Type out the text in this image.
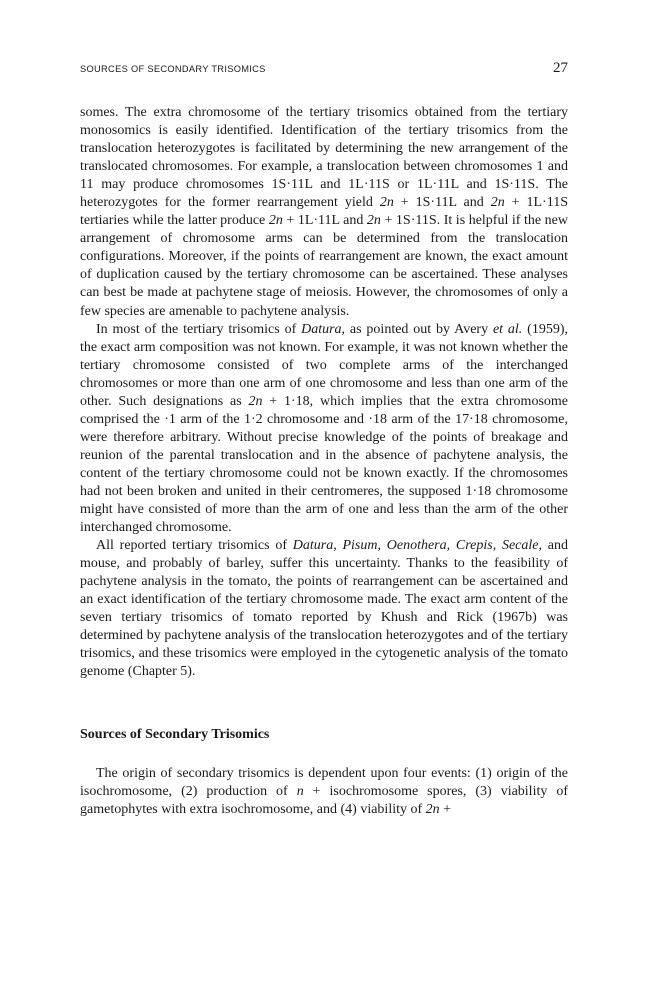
SOURCES OF SECONDARY TRISOMICS	27

somes. The extra chromosome of the tertiary trisomics obtained from the tertiary monosomics is easily identified. Identification of the tertiary trisomics from the translocation heterozygotes is facilitated by determining the new arrangement of the translocated chromosomes. For example, a translocation between chromosomes 1 and 11 may produce chromosomes 1S·11L and 1L·11S or 1L·11L and 1S·11S. The heterozygotes for the former rearrangement yield 2n + 1S·11L and 2n + 1L·11S tertiaries while the latter produce 2n + 1L·11L and 2n + 1S·11S. It is helpful if the new arrangement of chromosome arms can be determined from the translocation configurations. Moreover, if the points of rearrangement are known, the exact amount of duplication caused by the tertiary chromosome can be ascertained. These analyses can best be made at pachytene stage of meiosis. However, the chromosomes of only a few species are amenable to pachytene analysis.

In most of the tertiary trisomics of Datura, as pointed out by Avery et al. (1959), the exact arm composition was not known. For example, it was not known whether the tertiary chromosome consisted of two complete arms of the interchanged chromosomes or more than one arm of one chromosome and less than one arm of the other. Such designations as 2n + 1·18, which implies that the extra chromosome comprised the ·1 arm of the 1·2 chromosome and ·18 arm of the 17·18 chromosome, were therefore arbitrary. Without precise knowledge of the points of breakage and reunion of the parental translocation and in the absence of pachytene analysis, the content of the tertiary chromosome could not be known exactly. If the chromosomes had not been broken and united in their centromeres, the supposed 1·18 chromosome might have consisted of more than the arm of one and less than the arm of the other interchanged chromosome.

All reported tertiary trisomics of Datura, Pisum, Oenothera, Crepis, Secale, and mouse, and probably of barley, suffer this uncertainty. Thanks to the feasibility of pachytene analysis in the tomato, the points of rearrangement can be ascertained and an exact identification of the tertiary chromosome made. The exact arm content of the seven tertiary trisomics of tomato reported by Khush and Rick (1967b) was determined by pachytene analysis of the translocation heterozygotes and of the tertiary trisomics, and these trisomics were employed in the cytogenetic analysis of the tomato genome (Chapter 5).

Sources of Secondary Trisomics

The origin of secondary trisomics is dependent upon four events: (1) origin of the isochromosome, (2) production of n + isochromosome spores, (3) viability of gametophytes with extra isochromosome, and (4) viability of 2n +
